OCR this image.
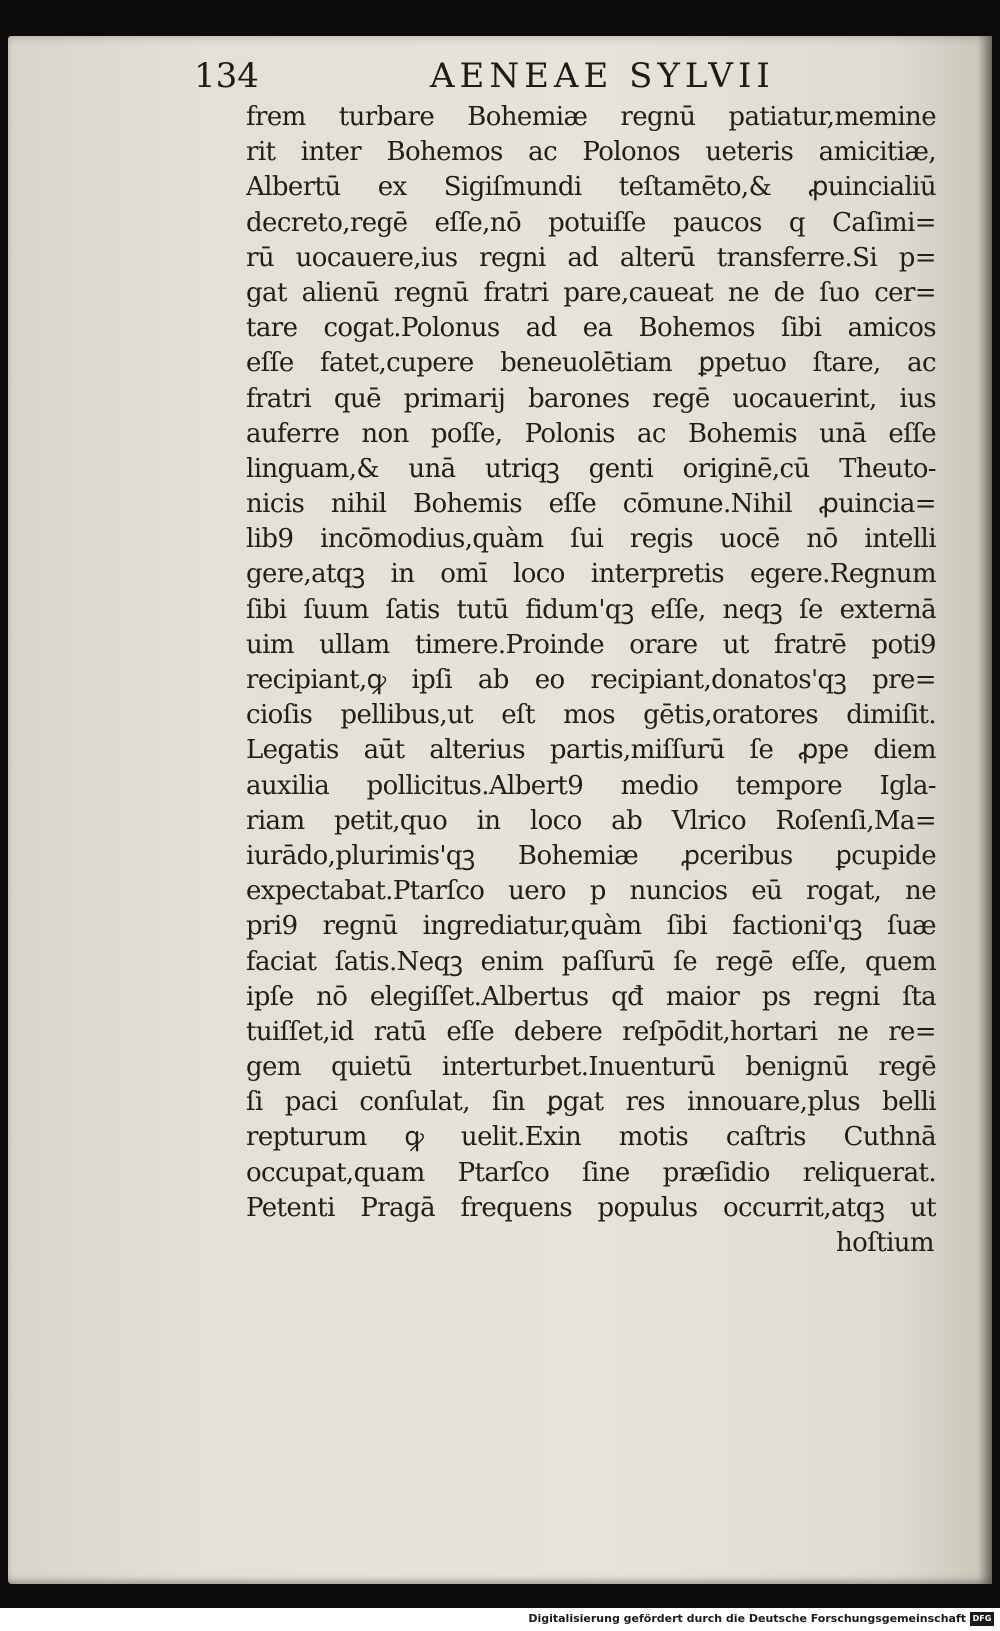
134	AENEAE SYLVII
frem turbare Bohemiæ regnū patiatur,memine
rit inter Bohemos ac Polonos ueteris amicitiæ,
Albertū ex Sigiſmundi teſtamēto,& ꝓuincialiū
decreto,regē eſſe,nō potuiſſe paucos q Caſimi=
rū uocauere,ius regni ad alterū transferre.Si p=
gat alienū regnū fratri pare,caueat ne de ſuo cer=
tare cogat.Polonus ad ea Bohemos ſibi amicos
eſſe fatet,cupere beneuolētiam ꝑpetuo ſtare, ac
fratri quē primarij barones regē uocauerint, ius
auferre non poſſe, Polonis ac Bohemis unā eſſe
linguam,& unā utriqꝫ genti originē,cū Theuto-
nicis nihil Bohemis eſſe cōmune.Nihil ꝓuincia=
lib9 incōmodius,quàm ſui regis uocē nō intelli
gere,atqꝫ in omī loco interpretis egere.Regnum
ſibi ſuum ſatis tutū fidum'qꝫ eſſe, neqꝫ ſe externā
uim ullam timere.Proinde orare ut fratrē poti9
recipiant,ꝙ ipſi ab eo recipiant,donatos'qꝫ pre=
cioſis pellibus,ut eſt mos gētis,oratores dimiſit.
Legatis aūt alterius partis,miſſurū ſe ꝓpe diem
auxilia pollicitus.Albert9 medio tempore Igla-
riam petit,quo in loco ab Vlrico Roſenſi,Ma=
iurādo,plurimis'qꝫ Bohemiæ ꝓceribus ꝑcupide
expectabat.Ptarſco uero p nuncios eū rogat, ne
pri9 regnū ingrediatur,quàm ſibi factioni'qꝫ ſuæ
faciat ſatis.Neqꝫ enim paſſurū ſe regē eſſe, quem
ipſe nō elegiſſet.Albertus qđ maior ps regni ſta
tuiſſet,id ratū eſſe debere reſpōdit,hortari ne re=
gem quietū interturbet.Inuenturū benignū regē
ſi paci conſulat, ſin ꝑgat res innouare,plus belli
repturum ꝙ uelit.Exin motis caſtris Cuthnā
occupat,quam Ptarſco ſine præſidio reliquerat.
Petenti Pragā frequens populus occurrit,atqꝫ ut
hoſtium
Digitalisierung gefördert durch die Deutsche Forschungsgemeinschaft DFG
